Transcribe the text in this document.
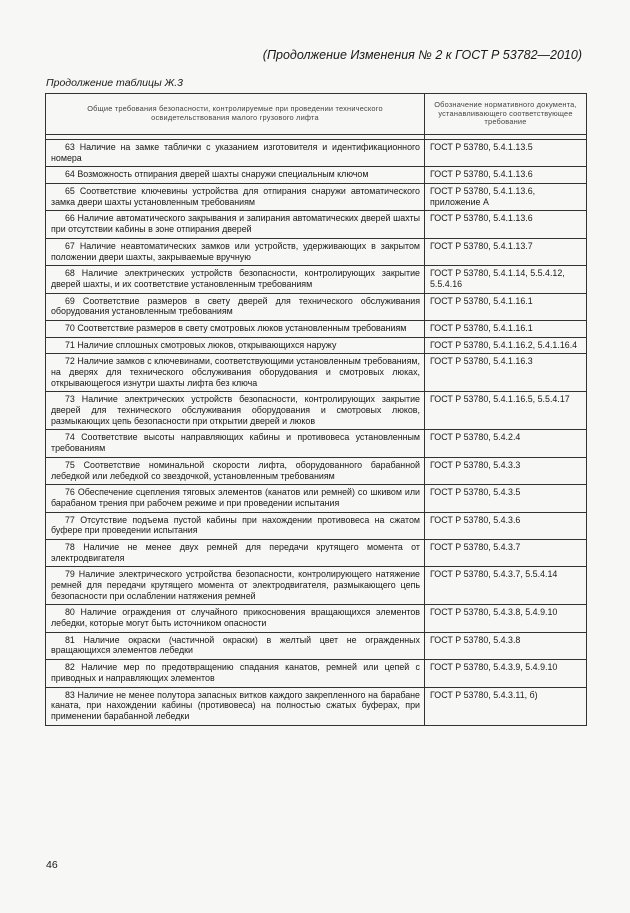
(Продолжение Изменения № 2 к ГОСТ Р 53782—2010)
Продолжение таблицы Ж.3
Общие требования безопасности, контролируемые при проведении технического освидетельствования малого грузового лифта	Обозначение нормативного документа, устанавливающего соответствующее требование

63 Наличие на замке таблички с указанием изготовителя и идентификационного номера	ГОСТ Р 53780, 5.4.1.13.5
64 Возможность отпирания дверей шахты снаружи специальным ключом	ГОСТ Р 53780, 5.4.1.13.6
65 Соответствие ключевины устройства для отпирания снаружи автоматического замка двери шахты установленным требованиям	ГОСТ Р 53780, 5.4.1.13.6, приложение А
66 Наличие автоматического закрывания и запирания автоматических дверей шахты при отсутствии кабины в зоне отпирания дверей	ГОСТ Р 53780, 5.4.1.13.6
67 Наличие неавтоматических замков или устройств, удерживающих в закрытом положении двери шахты, закрываемые вручную	ГОСТ Р 53780, 5.4.1.13.7
68 Наличие электрических устройств безопасности, контролирующих закрытие дверей шахты, и их соответствие установленным требованиям	ГОСТ Р 53780, 5.4.1.14, 5.5.4.12, 5.5.4.16
69 Соответствие размеров в свету дверей для технического обслуживания оборудования установленным требованиям	ГОСТ Р 53780, 5.4.1.16.1
70 Соответствие размеров в свету смотровых люков установленным требованиям	ГОСТ Р 53780, 5.4.1.16.1
71 Наличие сплошных смотровых люков, открывающихся наружу	ГОСТ Р 53780, 5.4.1.16.2, 5.4.1.16.4
72 Наличие замков с ключевинами, соответствующими установленным требованиям, на дверях для технического обслуживания оборудования и смотровых люках, открывающегося изнутри шахты лифта без ключа	ГОСТ Р 53780, 5.4.1.16.3
73 Наличие электрических устройств безопасности, контролирующих закрытие дверей для технического обслуживания оборудования и смотровых люков, размыкающих цепь безопасности при открытии дверей и люков	ГОСТ Р 53780, 5.4.1.16.5, 5.5.4.17
74 Соответствие высоты направляющих кабины и противовеса установленным требованиям	ГОСТ Р 53780, 5.4.2.4
75 Соответствие номинальной скорости лифта, оборудованного барабанной лебедкой или лебедкой со звездочкой, установленным требованиям	ГОСТ Р 53780, 5.4.3.3
76 Обеспечение сцепления тяговых элементов (канатов или ремней) со шкивом или барабаном трения при рабочем режиме и при проведении испытания	ГОСТ Р 53780, 5.4.3.5
77 Отсутствие подъема пустой кабины при нахождении противовеса на сжатом буфере при проведении испытания	ГОСТ Р 53780, 5.4.3.6
78 Наличие не менее двух ремней для передачи крутящего момента от электродвигателя	ГОСТ Р 53780, 5.4.3.7
79 Наличие электрического устройства безопасности, контролирующего натяжение ремней для передачи крутящего момента от электродвигателя, размыкающего цепь безопасности при ослаблении натяжения ремней	ГОСТ Р 53780, 5.4.3.7, 5.5.4.14
80 Наличие ограждения от случайного прикосновения вращающихся элементов лебедки, которые могут быть источником опасности	ГОСТ Р 53780, 5.4.3.8, 5.4.9.10
81 Наличие окраски (частичной окраски) в желтый цвет не огражденных вращающихся элементов лебедки	ГОСТ Р 53780, 5.4.3.8
82 Наличие мер по предотвращению спадания канатов, ремней или цепей с приводных и направляющих элементов	ГОСТ Р 53780, 5.4.3.9, 5.4.9.10
83 Наличие не менее полутора запасных витков каждого закрепленного на барабане каната, при нахождении кабины (противовеса) на полностью сжатых буферах, при применении барабанной лебедки	ГОСТ Р 53780, 5.4.3.11, б)
46
